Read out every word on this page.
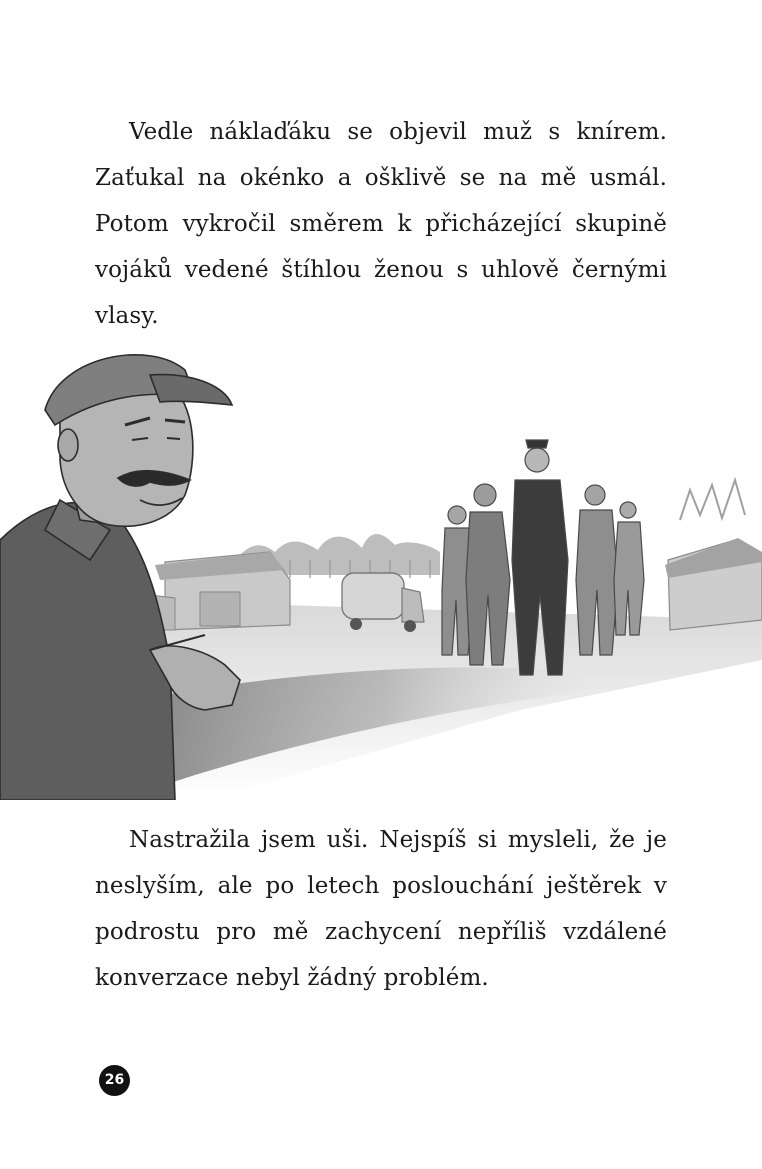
Vedle náklaďáku se objevil muž s knírem. Zaťukal na okénko a ošklivě se na mě usmál. Potom vykročil směrem k přicházející skupině vojáků vedené štíhlou ženou s uhlově černými vlasy.

Nastražila jsem uši. Nejspíš si mysleli, že je neslyším, ale po letech poslouchání ještěrek v podrostu pro mě zachycení nepříliš vzdálené konverzace nebyl žádný problém.

26
